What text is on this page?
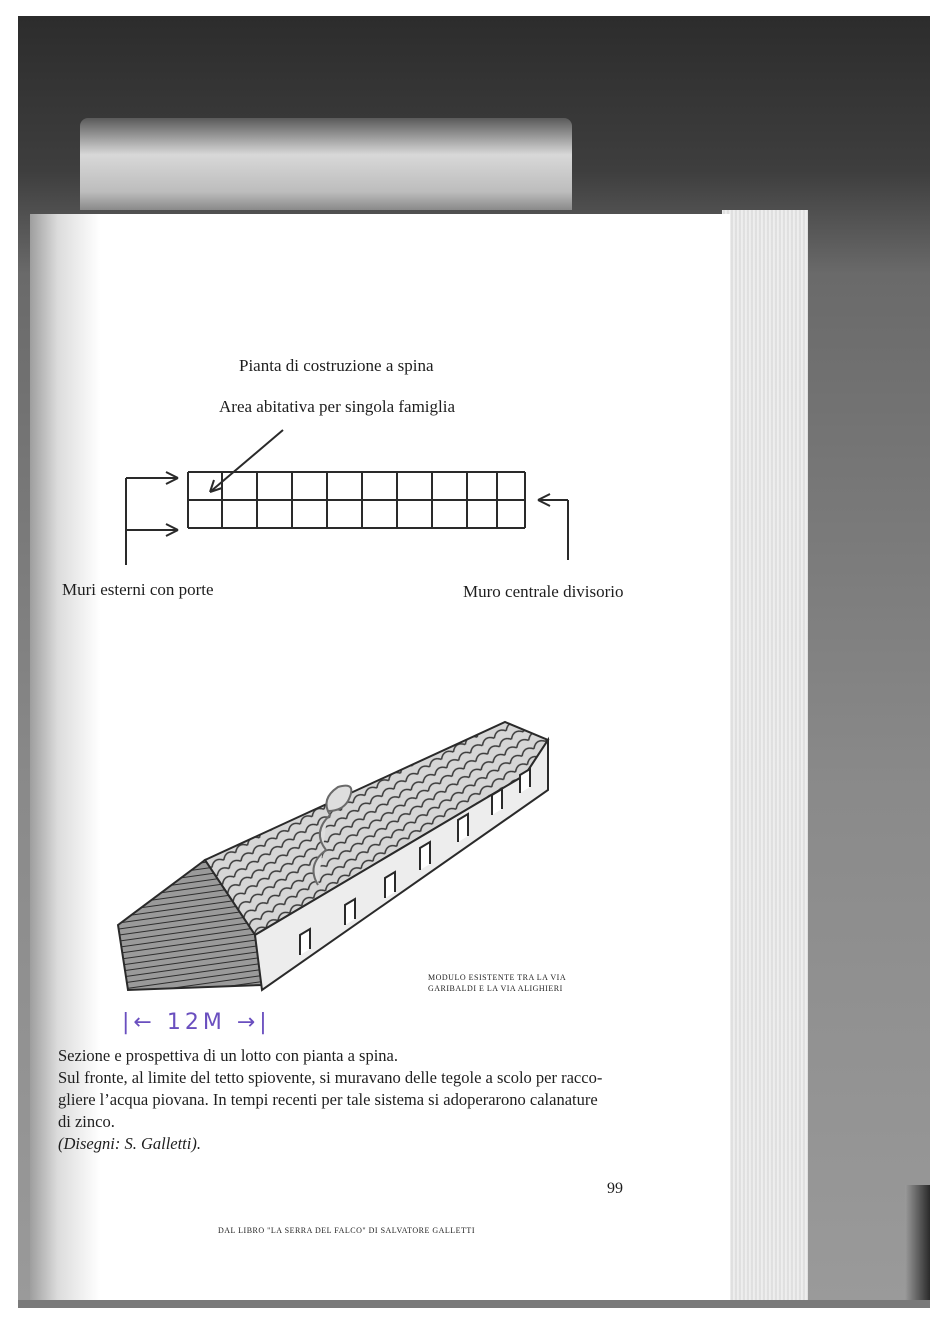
Pianta di costruzione a spina
Area abitativa per singola famiglia
Muri esterni con porte	Muro centrale divisorio
MODULO ESISTENTE TRA LA VIA
GARIBALDI E LA VIA ALIGHIERI
|← 12M →|

Sezione e prospettiva di un lotto con pianta a spina.

Sul fronte, al limite del tetto spiovente, si muravano delle tegole a scolo per racco-

gliere l’acqua piovana. In tempi recenti per tale sistema si adoperarono calanature

di zinco.

(Disegni: S. Galletti).

99
DAL LIBRO "LA SERRA DEL FALCO" DI SALVATORE GALLETTI
